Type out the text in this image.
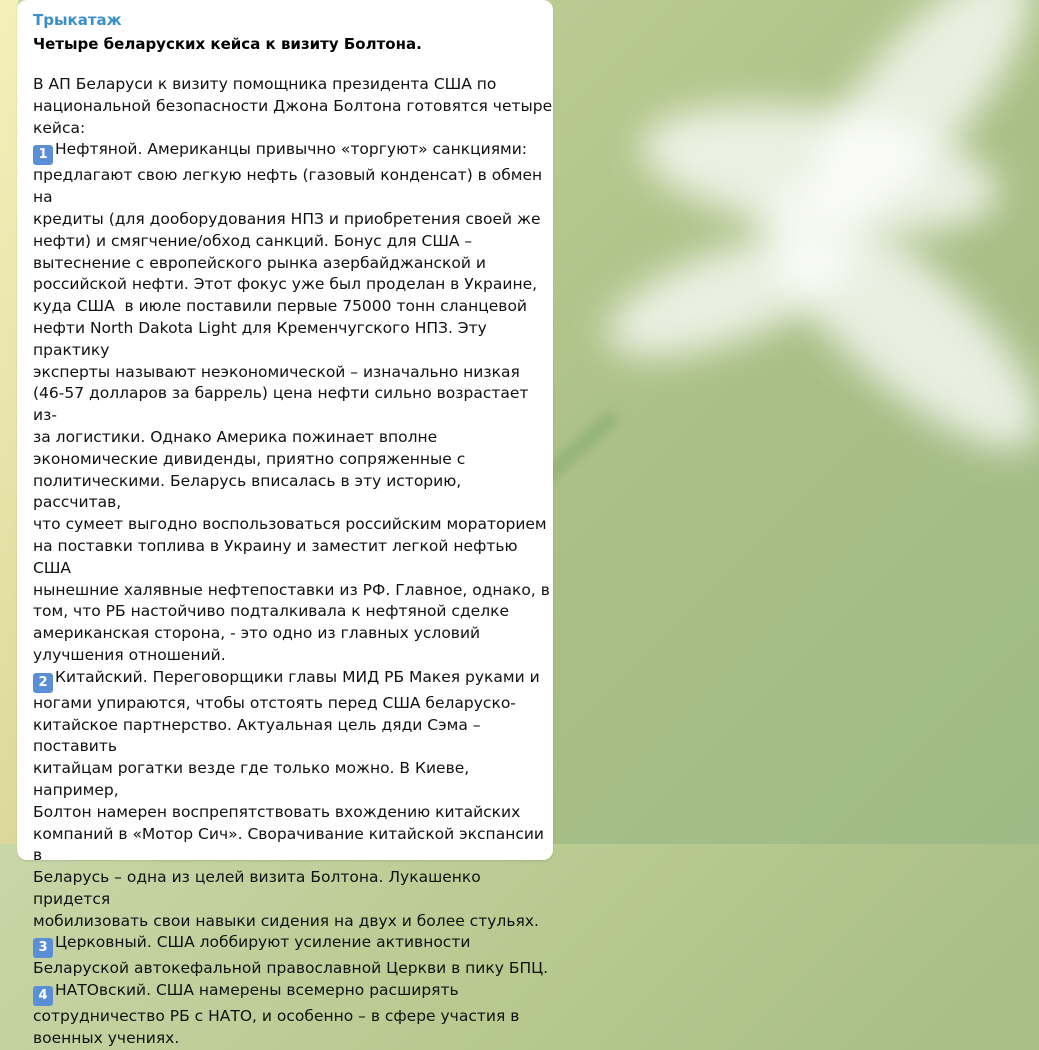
Трыкатаж
Четыре беларуских кейса к визиту Болтона.

В АП Беларуси к визиту помощника президента США по
национальной безопасности Джона Болтона готовятся четыре
кейса:

1 Нефтяной. Американцы привычно «торгуют» санкциями:
предлагают свою легкую нефть (газовый конденсат) в обмен на
кредиты (для дооборудования НПЗ и приобретения своей же
нефти) и смягчение/обход санкций. Бонус для США –
вытеснение с европейского рынка азербайджанской и
российской нефти. Этот фокус уже был проделан в Украине,
куда США  в июле поставили первые 75000 тонн сланцевой
нефти North Dakota Light для Кременчугского НПЗ. Эту практику
эксперты называют неэкономической – изначально низкая
(46-57 долларов за баррель) цена нефти сильно возрастает из-
за логистики. Однако Америка пожинает вполне
экономические дивиденды, приятно сопряженные с
политическими. Беларусь вписалась в эту историю, рассчитав,
что сумеет выгодно воспользоваться российским мораторием
на поставки топлива в Украину и заместит легкой нефтью США
нынешние халявные нефтепоставки из РФ. Главное, однако, в
том, что РБ настойчиво подталкивала к нефтяной сделке
американская сторона, - это одно из главных условий
улучшения отношений.

2 Китайский. Переговорщики главы МИД РБ Макея руками и
ногами упираются, чтобы отстоять перед США беларуско-
китайское партнерство. Актуальная цель дяди Сэма – поставить
китайцам рогатки везде где только можно. В Киеве, например,
Болтон намерен воспрепятствовать вхождению китайских
компаний в «Мотор Сич». Сворачивание китайской экспансии в
Беларусь – одна из целей визита Болтона. Лукашенко придется
мобилизовать свои навыки сидения на двух и более стульях.

3 Церковный. США лоббируют усиление активности
Беларуской автокефальной православной Церкви в пику БПЦ.

4 НАТОвский. США намерены всемерно расширять
сотрудничество РБ с НАТО, и особенно – в сфере участия в
военных учениях.
